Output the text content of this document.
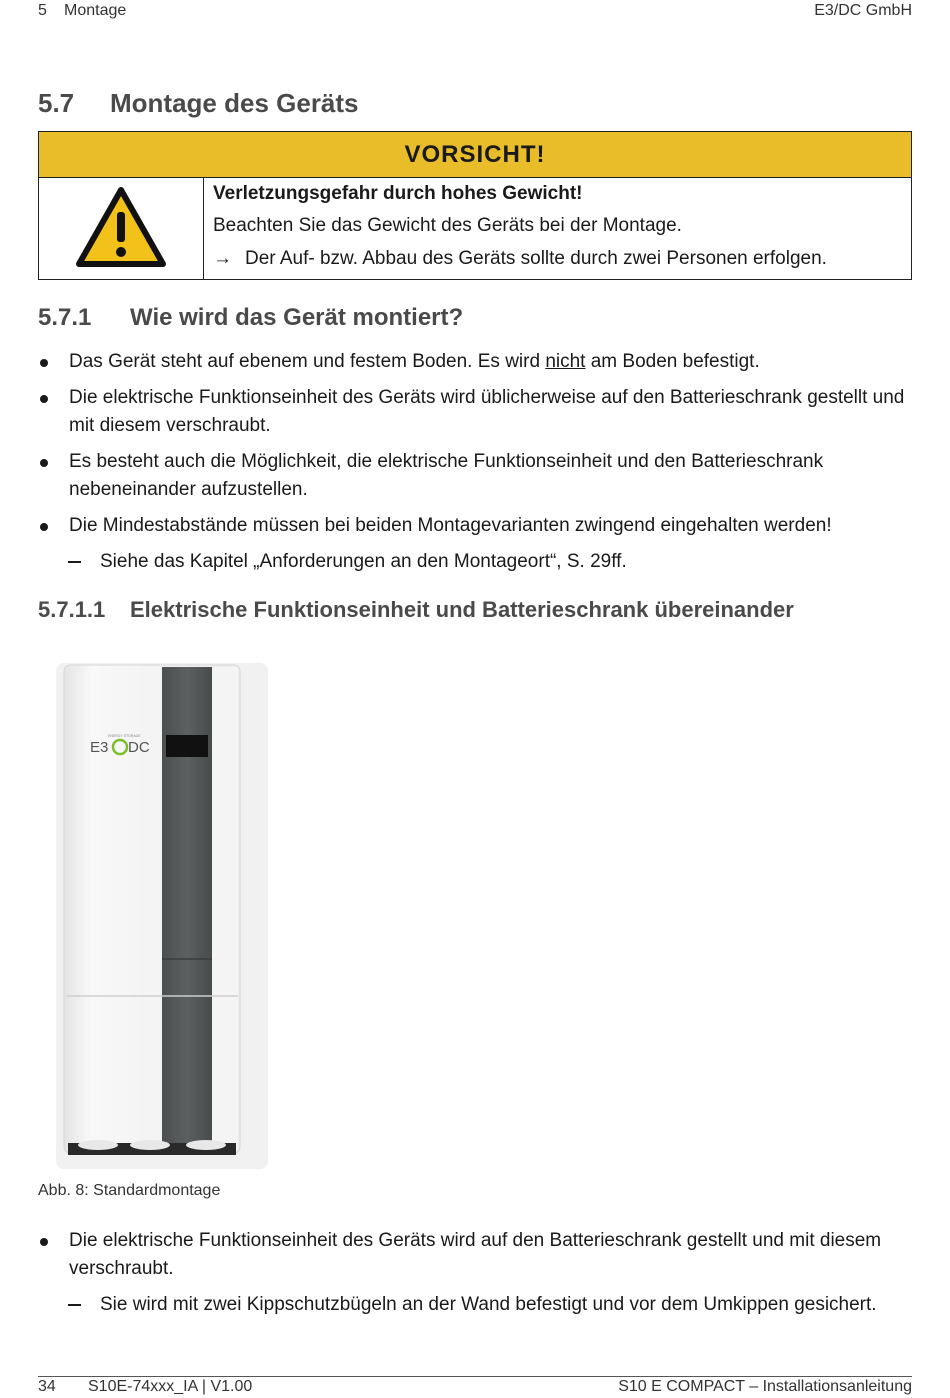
5 Montage	E3/DC GmbH
5.7 Montage des Geräts
VORSICHT!
Verletzungsgefahr durch hohes Gewicht!
Beachten Sie das Gewicht des Geräts bei der Montage.
→ Der Auf- bzw. Abbau des Geräts sollte durch zwei Personen erfolgen.
5.7.1 Wie wird das Gerät montiert?
Das Gerät steht auf ebenem und festem Boden. Es wird nicht am Boden befestigt.
Die elektrische Funktionseinheit des Geräts wird üblicherweise auf den Batterieschrank gestellt und mit diesem verschraubt.
Es besteht auch die Möglichkeit, die elektrische Funktionseinheit und den Batterieschrank nebeneinander aufzustellen.
Die Mindestabstände müssen bei beiden Montagevarianten zwingend eingehalten werden!
Siehe das Kapitel „Anforderungen an den Montageort“, S. 29ff.
5.7.1.1 Elektrische Funktionseinheit und Batterieschrank übereinander
E3 DC
ENERGY STORAGE
Abb. 8: Standardmontage
Die elektrische Funktionseinheit des Geräts wird auf den Batterieschrank gestellt und mit diesem verschraubt.
Sie wird mit zwei Kippschutzbügeln an der Wand befestigt und vor dem Umkippen gesichert.
34 S10E-74xxx_IA | V1.00	S10 E COMPACT – Installationsanleitung
